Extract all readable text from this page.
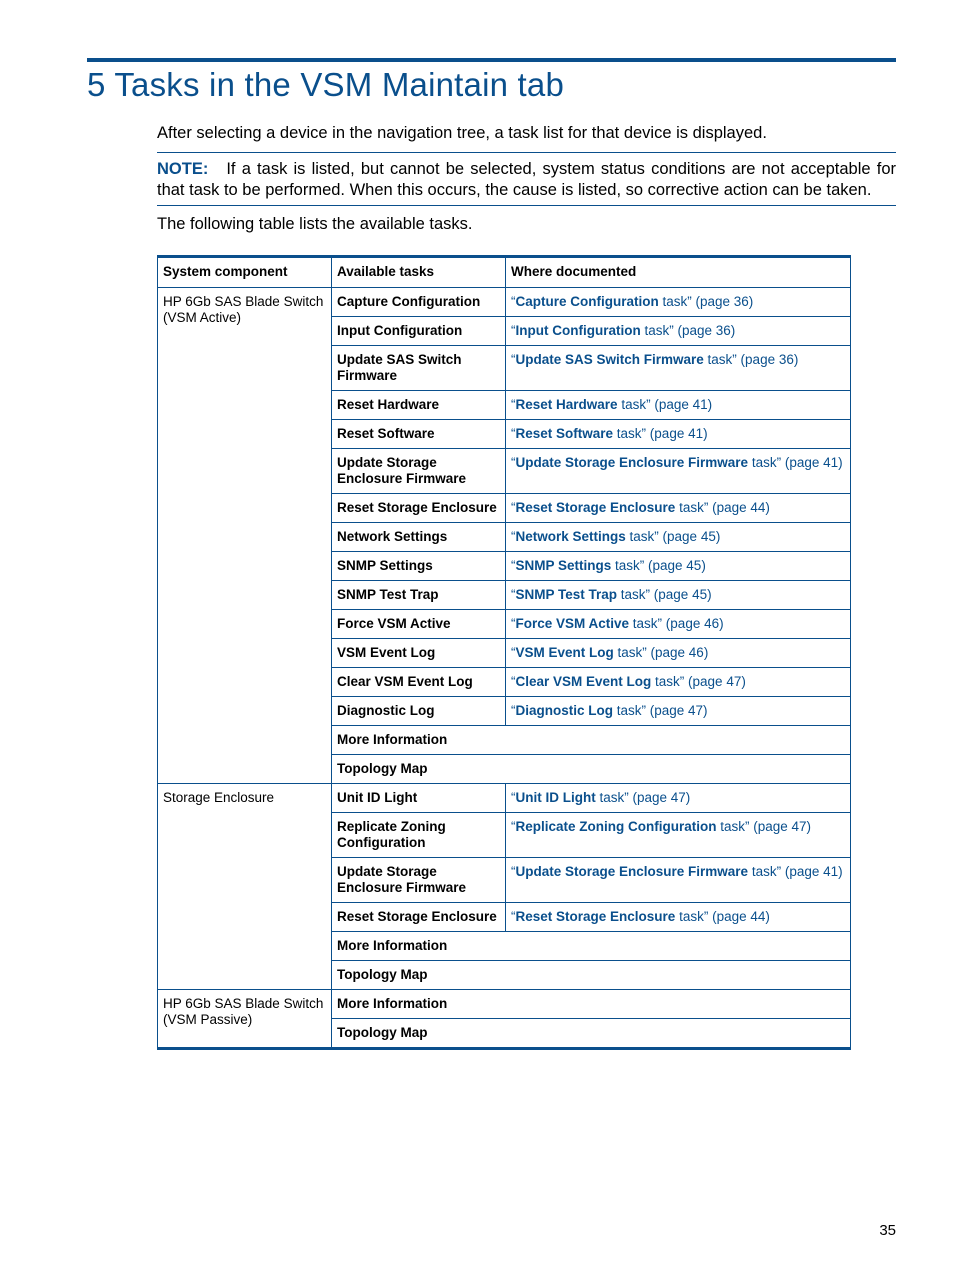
5 Tasks in the VSM Maintain tab

After selecting a device in the navigation tree, a task list for that device is displayed.

NOTE: If a task is listed, but cannot be selected, system status conditions are not acceptable for that task to be performed. When this occurs, the cause is listed, so corrective action can be taken.

The following table lists the available tasks.

System component	Available tasks	Where documented
HP 6Gb SAS Blade Switch (VSM Active)	Capture Configuration	“Capture Configuration task” (page 36)
	Input Configuration	“Input Configuration task” (page 36)
	Update SAS Switch Firmware	“Update SAS Switch Firmware task” (page 36)
	Reset Hardware	“Reset Hardware task” (page 41)
	Reset Software	“Reset Software task” (page 41)
	Update Storage Enclosure Firmware	“Update Storage Enclosure Firmware task” (page 41)
	Reset Storage Enclosure	“Reset Storage Enclosure task” (page 44)
	Network Settings	“Network Settings task” (page 45)
	SNMP Settings	“SNMP Settings task” (page 45)
	SNMP Test Trap	“SNMP Test Trap task” (page 45)
	Force VSM Active	“Force VSM Active task” (page 46)
	VSM Event Log	“VSM Event Log task” (page 46)
	Clear VSM Event Log	“Clear VSM Event Log task” (page 47)
	Diagnostic Log	“Diagnostic Log task” (page 47)
	More Information	
	Topology Map	
Storage Enclosure	Unit ID Light	“Unit ID Light task” (page 47)
	Replicate Zoning Configuration	“Replicate Zoning Configuration task” (page 47)
	Update Storage Enclosure Firmware	“Update Storage Enclosure Firmware task” (page 41)
	Reset Storage Enclosure	“Reset Storage Enclosure task” (page 44)
	More Information	
	Topology Map	
HP 6Gb SAS Blade Switch (VSM Passive)	More Information	
	Topology Map	
35
